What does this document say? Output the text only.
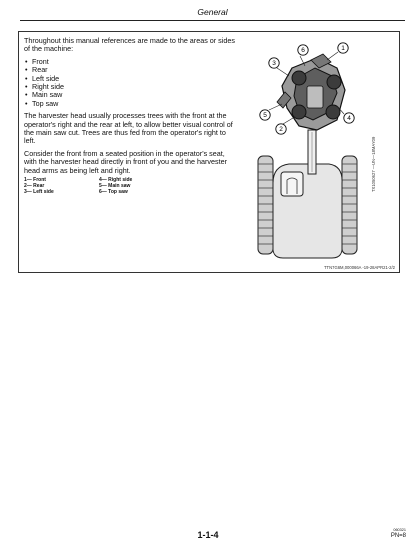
General

Throughout this manual references are made to the areas or sides of the machine:

• Front
• Rear
• Left side
• Right side
• Main saw
• Top saw

The harvester head usually processes trees with the front at the operator's right and the rear at left, to allow better visual control of the main saw cut. Trees are thus fed from the operator's right to left.

Consider the front from a seated position in the operator's seat, with the harvester head directly in front of you and the harvester head arms as being left and right.

1— Front	4— Right side
2— Rear	5— Main saw
3— Left side	6— Top saw
1
6
3
4
5
2
TX1050627 —UN—18MAY09
TTN7G6M,000066A -19-28APR21-2/2
1-1-4	060321
PN=8
